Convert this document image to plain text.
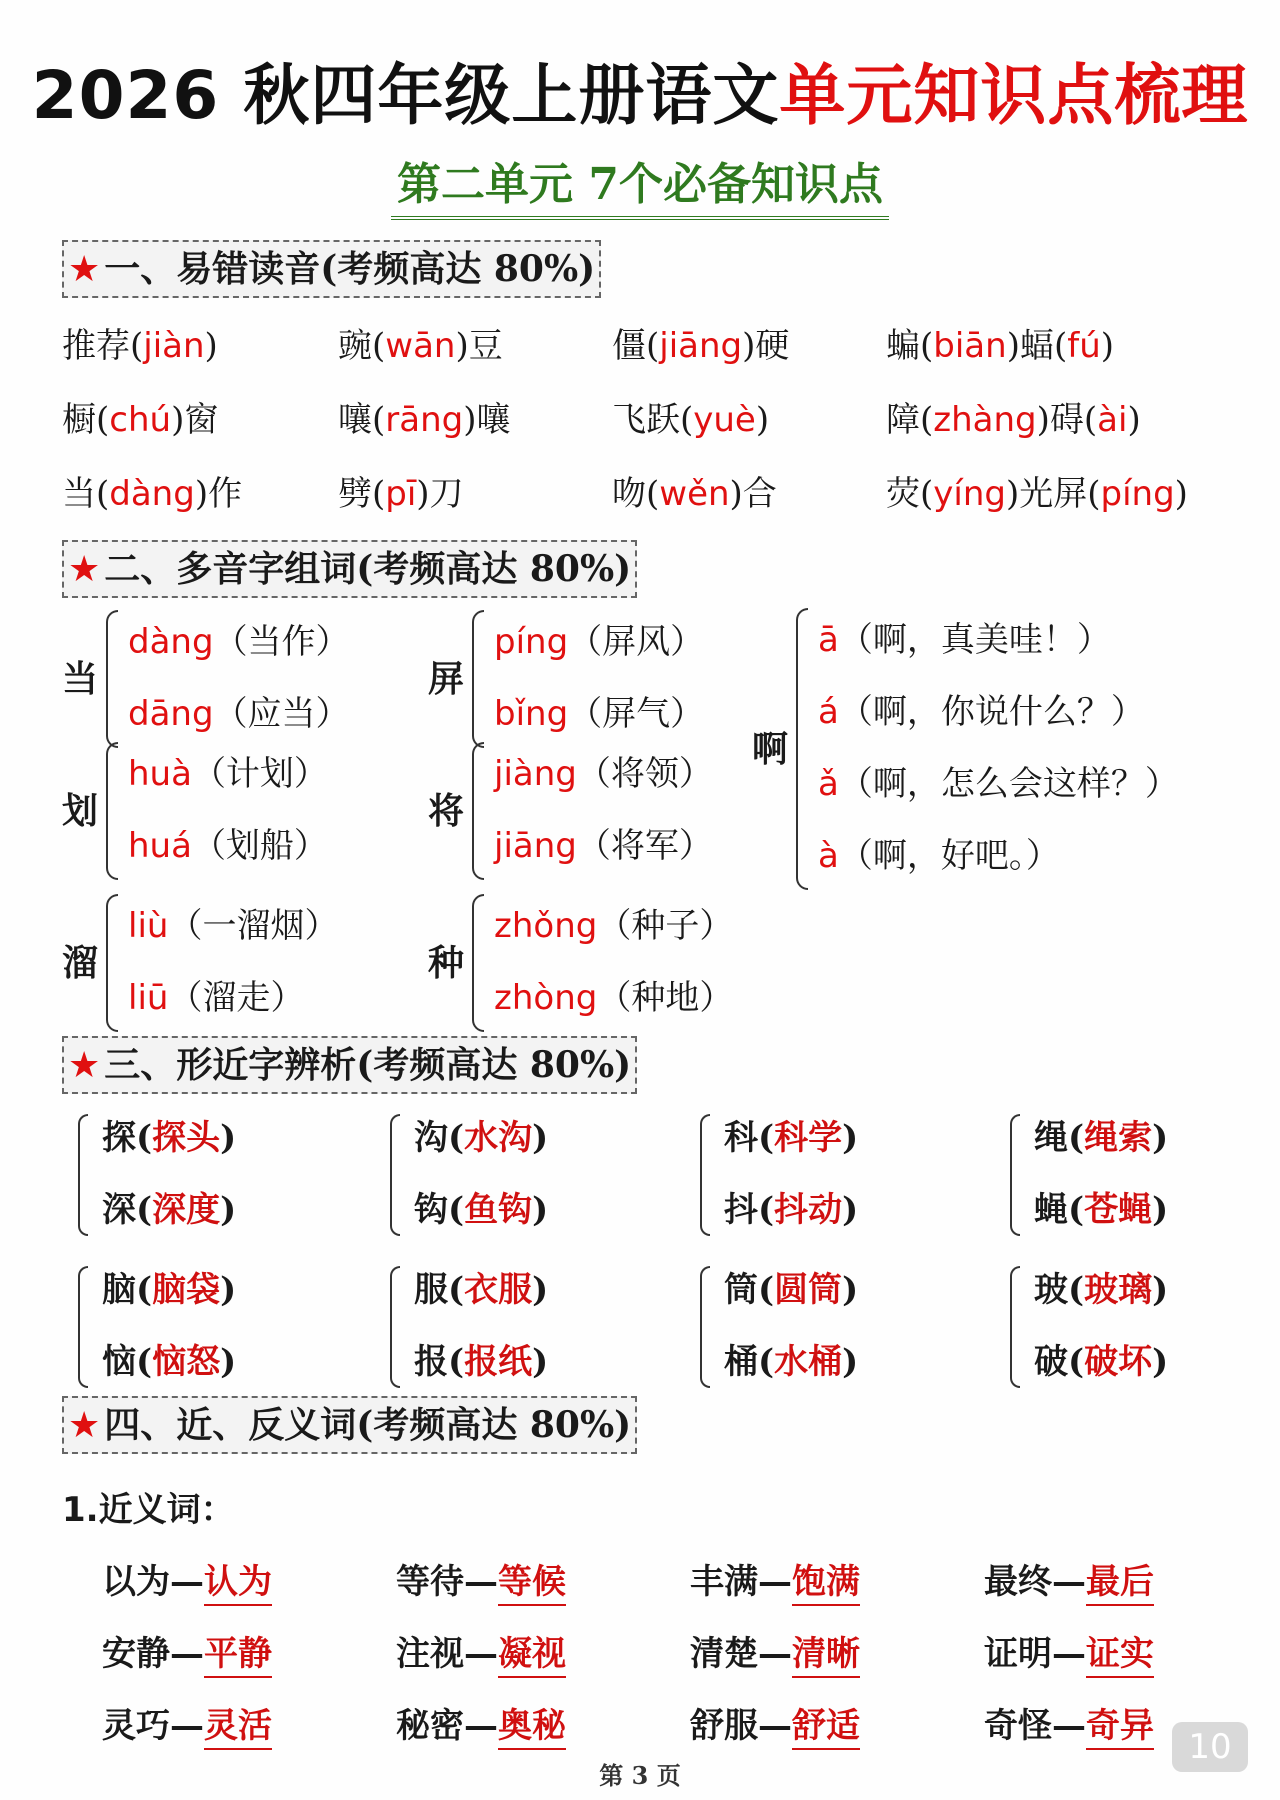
2026 秋四年级上册语文单元知识点梳理
第二单元 7个必备知识点
★ 一、易错读音(考频高达 80%)
推荐(jiàn)	豌(wān)豆	僵(jiāng)硬	蝙(biān)蝠(fú)
橱(chú)窗	嚷(rāng)嚷	飞跃(yuè)	障(zhàng)碍(ài)
当(dàng)作	劈(pī)刀	吻(wěn)合	荧(yíng)光屏(píng)
★ 二、多音字组词(考频高达 80%)
当
dàng（当作）
dāng（应当）
屏
píng（屏风）
bǐng（屏气）
划
huà（计划）
huá（划船）
将
jiàng（将领）
jiāng（将军）
溜
liù（一溜烟）
liū（溜走）
种
zhǒng（种子）
zhòng（种地）
啊
ā（啊，真美哇！）
á（啊，你说什么？）
ǎ（啊，怎么会这样？）
à（啊，好吧。）
★ 三、形近字辨析(考频高达 80%)
探(探头)
深(深度)
沟(水沟)
钩(鱼钩)
科(科学)
抖(抖动)
绳(绳索)
蝇(苍蝇)
脑(脑袋)
恼(恼怒)
服(衣服)
报(报纸)
筒(圆筒)
桶(水桶)
玻(玻璃)
破(破坏)
★ 四、近、反义词(考频高达 80%)
1.近义词：
以为—认为	等待—等候	丰满—饱满	最终—最后
安静—平静	注视—凝视	清楚—清晰	证明—证实
灵巧—灵活	秘密—奥秘	舒服—舒适	奇怪—奇异
第 3 页
10
